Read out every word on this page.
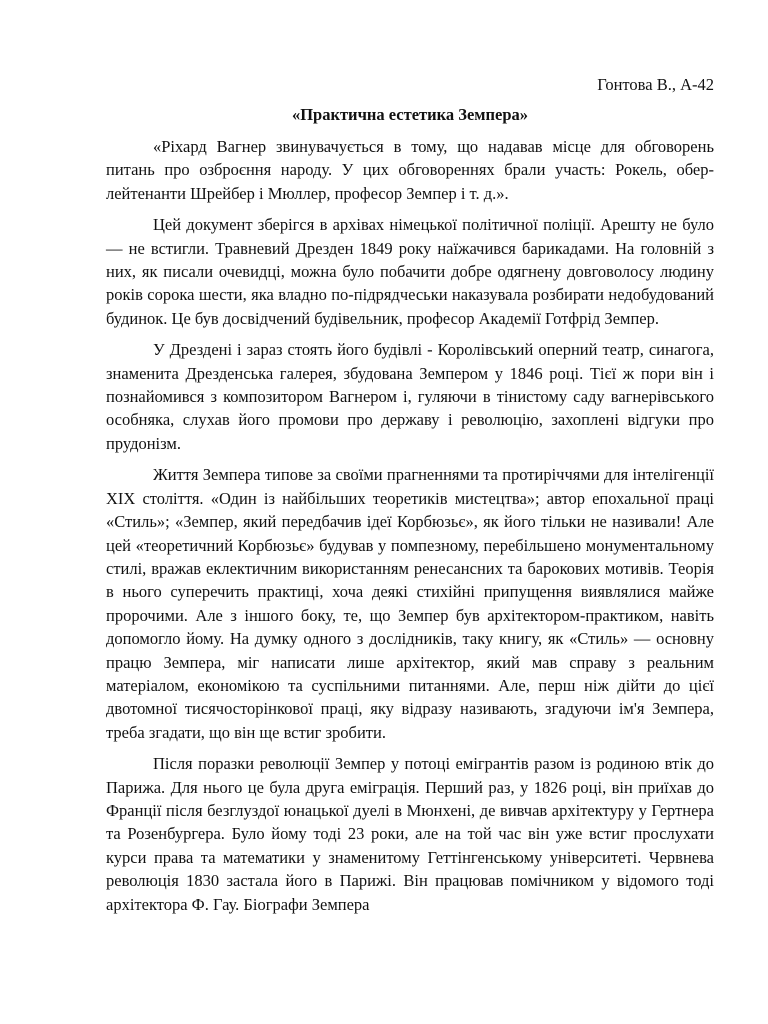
Гонтова В., А-42
«Практична естетика Земпера»

«Ріхард Вагнер звинувачується в тому, що надавав місце для обговорень питань про озброєння народу. У цих обговореннях брали участь: Рокель, обер-лейтенанти Шрейбер і Мюллер, професор Земпер і т. д.».

Цей документ зберігся в архівах німецької політичної поліції. Арешту не було — не встигли. Травневий Дрезден 1849 року наїжачився барикадами. На головній з них, як писали очевидці, можна було побачити добре одягнену довговолосу людину років сорока шести, яка владно по-підрядчеськи наказувала розбирати недобудований будинок. Це був досвідчений будівельник, професор Академії Готфрід Земпер.

У Дрездені і зараз стоять його будівлі - Королівський оперний театр, синагога, знаменита Дрезденська галерея, збудована Земпером у 1846 році. Тієї ж пори він і познайомився з композитором Вагнером і, гуляючи в тінистому саду вагнерівського особняка, слухав його промови про державу і революцію, захоплені відгуки про прудонізм.

Життя Земпера типове за своїми прагненнями та протиріччями для інтелігенції XIX століття. «Один із найбільших теоретиків мистецтва»; автор епохальної праці «Стиль»; «Земпер, який передбачив ідеї Корбюзьє», як його тільки не називали! Але цей «теоретичний Корбюзьє» будував у помпезному, перебільшено монументальному стилі, вражав еклектичним використанням ренесансних та барокових мотивів. Теорія в нього суперечить практиці, хоча деякі стихійні припущення виявлялися майже пророчими. Але з іншого боку, те, що Земпер був архітектором-практиком, навіть допомогло йому. На думку одного з дослідників, таку книгу, як «Стиль» — основну працю Земпера, міг написати лише архітектор, який мав справу з реальним матеріалом, економікою та суспільними питаннями. Але, перш ніж дійти до цієї двотомної тисячосторінкової праці, яку відразу називають, згадуючи ім'я Земпера, треба згадати, що він ще встиг зробити.

Після поразки революції Земпер у потоці емігрантів разом із родиною втік до Парижа. Для нього це була друга еміграція. Перший раз, у 1826 році, він приїхав до Франції після безглуздої юнацької дуелі в Мюнхені, де вивчав архітектуру у Гертнера та Розенбургера. Було йому тоді 23 роки, але на той час він уже встиг прослухати курси права та математики у знаменитому Геттінгенському університеті. Червнева революція 1830 застала його в Парижі. Він працював помічником у відомого тоді архітектора Ф. Гау. Біографи Земпера
